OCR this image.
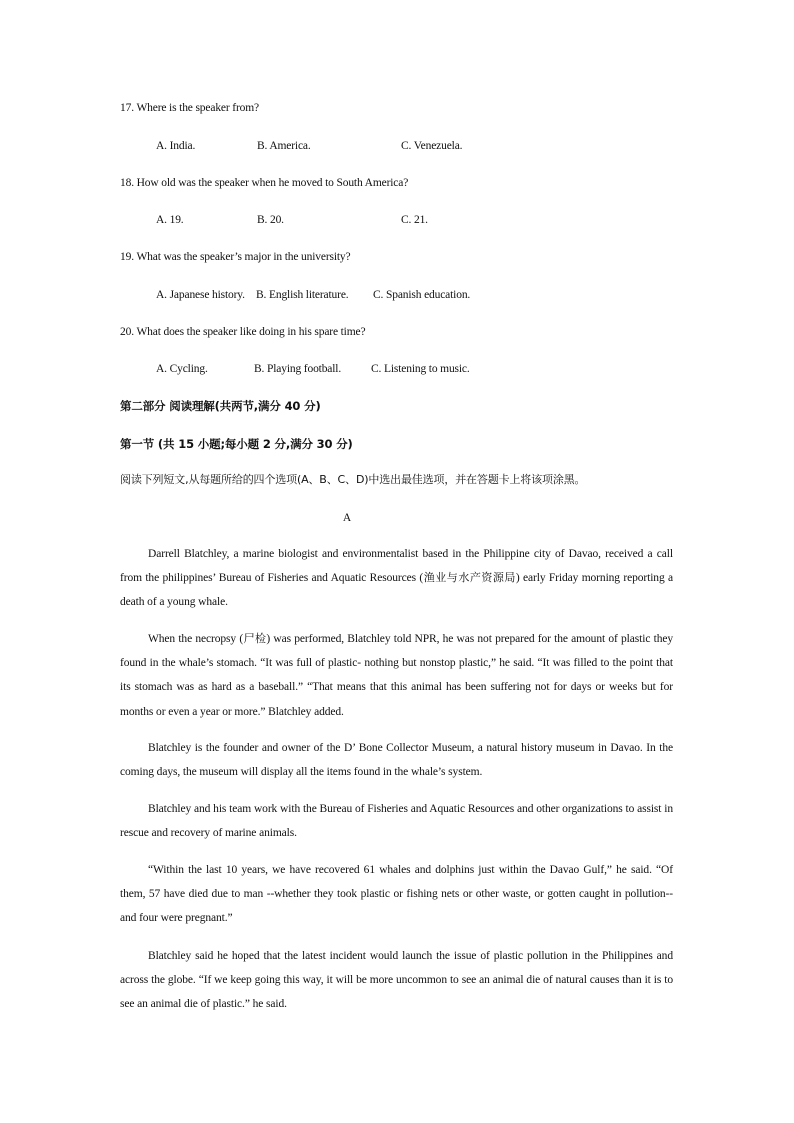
17. Where is the speaker from?
A. India.	B. America.	C. Venezuela.
18. How old was the speaker when he moved to South America?
A. 19.	B. 20.	C. 21.
19. What was the speaker’s major in the university?
A. Japanese history. B. English literature. C. Spanish education.
20. What does the speaker like doing in his spare time?
A. Cycling.	B. Playing football.	C. Listening to music.
第二部分 阅读理解(共两节,满分 40 分)
第一节 (共 15 小题;每小题 2 分,满分 30 分)
阅读下列短文,从每题所给的四个选项(A、B、C、D)中选出最佳选项，并在答题卡上将该项涂黑。
A
Darrell Blatchley, a marine biologist and environmentalist based in the Philippine city of Davao, received a call from the philippines’ Bureau of Fisheries and Aquatic Resources (渔业与水产资源局) early Friday morning reporting a death of a young whale.
When the necropsy (尸检) was performed, Blatchley told NPR, he was not prepared for the amount of plastic they found in the whale’s stomach. “It was full of plastic- nothing but nonstop plastic,” he said. “It was filled to the point that its stomach was as hard as a baseball.” “That means that this animal has been suffering not for days or weeks but for months or even a year or more.” Blatchley added.
Blatchley is the founder and owner of the D’ Bone Collector Museum, a natural history museum in Davao. In the coming days, the museum will display all the items found in the whale’s system.
Blatchley and his team work with the Bureau of Fisheries and Aquatic Resources and other organizations to assist in rescue and recovery of marine animals.
“Within the last 10 years, we have recovered 61 whales and dolphins just within the Davao Gulf,” he said. “Of them, 57 have died due to man --whether they took plastic or fishing nets or other waste, or gotten caught in pollution-- and four were pregnant.”
Blatchley said he hoped that the latest incident would launch the issue of plastic pollution in the Philippines and across the globe. “If we keep going this way, it will be more uncommon to see an animal die of natural causes than it is to see an animal die of plastic.” he said.
